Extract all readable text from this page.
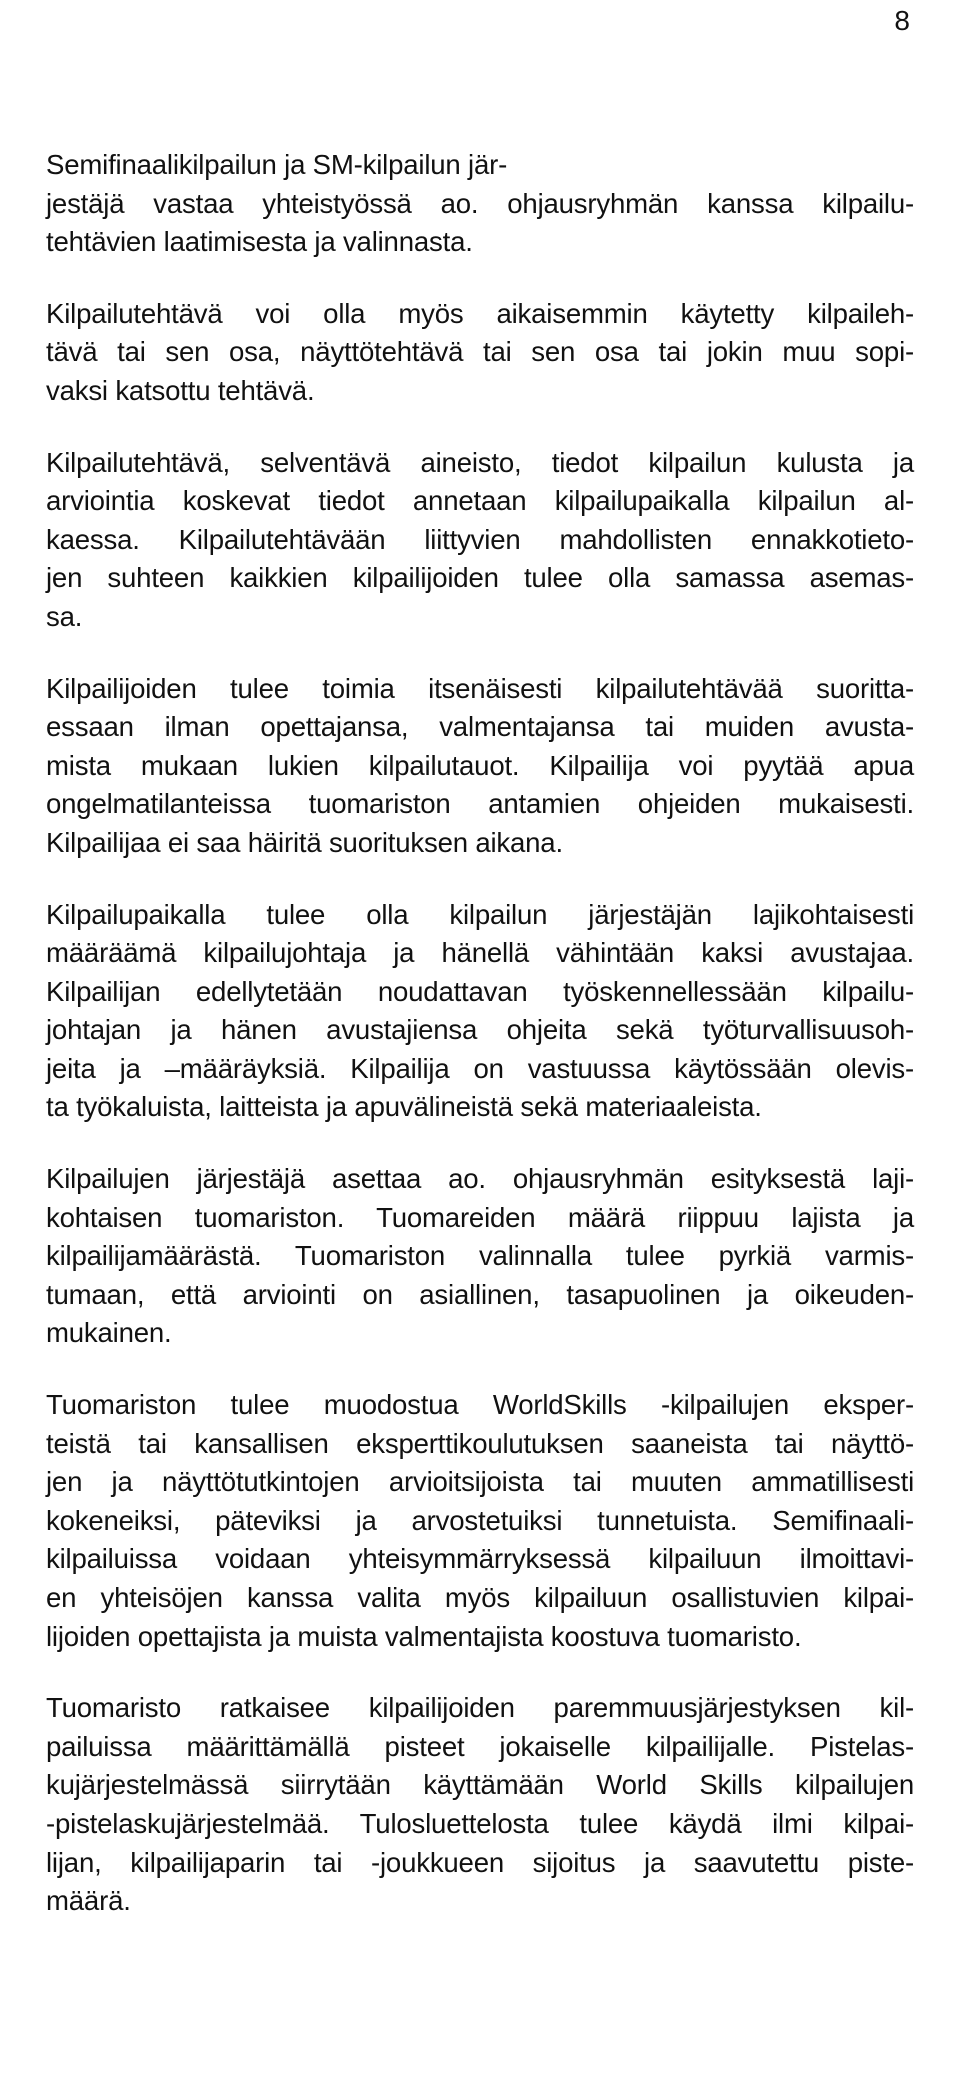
8
Semifinaalikilpailun ja SM-kilpailun jär-
jestäjä vastaa yhteistyössä ao. ohjausryhmän kanssa kilpailu-
tehtävien laatimisesta ja valinnasta.
Kilpailutehtävä voi olla myös aikaisemmin käytetty kilpaileh-
tävä tai sen osa, näyttötehtävä tai sen osa tai jokin muu sopi-
vaksi katsottu tehtävä.
Kilpailutehtävä, selventävä aineisto, tiedot kilpailun kulusta ja
arviointia koskevat tiedot annetaan kilpailupaikalla kilpailun al-
kaessa. Kilpailutehtävään liittyvien mahdollisten ennakkotieto-
jen suhteen kaikkien kilpailijoiden tulee olla samassa asemas-
sa.
Kilpailijoiden tulee toimia itsenäisesti kilpailutehtävää suoritta-
essaan ilman opettajansa, valmentajansa tai muiden avusta-
mista mukaan lukien kilpailutauot. Kilpailija voi pyytää apua
ongelmatilanteissa tuomariston antamien ohjeiden mukaisesti.
Kilpailijaa ei saa häiritä suorituksen aikana.
Kilpailupaikalla tulee olla kilpailun järjestäjän lajikohtaisesti
määräämä kilpailujohtaja ja hänellä vähintään kaksi avustajaa.
Kilpailijan edellytetään noudattavan työskennellessään kilpailu-
johtajan ja hänen avustajiensa ohjeita sekä työturvallisuusoh-
jeita ja –määräyksiä. Kilpailija on vastuussa käytössään olevis-
ta työkaluista, laitteista ja apuvälineistä sekä materiaaleista.
Kilpailujen järjestäjä asettaa ao. ohjausryhmän esityksestä laji-
kohtaisen tuomariston. Tuomareiden määrä riippuu lajista ja
kilpailijamäärästä. Tuomariston valinnalla tulee pyrkiä varmis-
tumaan, että arviointi on asiallinen, tasapuolinen ja oikeuden-
mukainen.
Tuomariston tulee muodostua WorldSkills -kilpailujen eksper-
teistä tai kansallisen eksperttikoulutuksen saaneista tai näyttö-
jen ja näyttötutkintojen arvioitsijoista tai muuten ammatillisesti
kokeneiksi, päteviksi ja arvostetuiksi tunnetuista. Semifinaali-
kilpailuissa voidaan yhteisymmärryksessä kilpailuun ilmoittavi-
en yhteisöjen kanssa valita myös kilpailuun osallistuvien kilpai-
lijoiden opettajista ja muista valmentajista koostuva tuomaristo.
Tuomaristo ratkaisee kilpailijoiden paremmuusjärjestyksen kil-
pailuissa määrittämällä pisteet jokaiselle kilpailijalle. Pistelas-
kujärjestelmässä siirrytään käyttämään World Skills kilpailujen
-pistelaskujärjestelmää. Tulosluettelosta tulee käydä ilmi kilpai-
lijan, kilpailijaparin tai -joukkueen sijoitus ja saavutettu piste-
määrä.
